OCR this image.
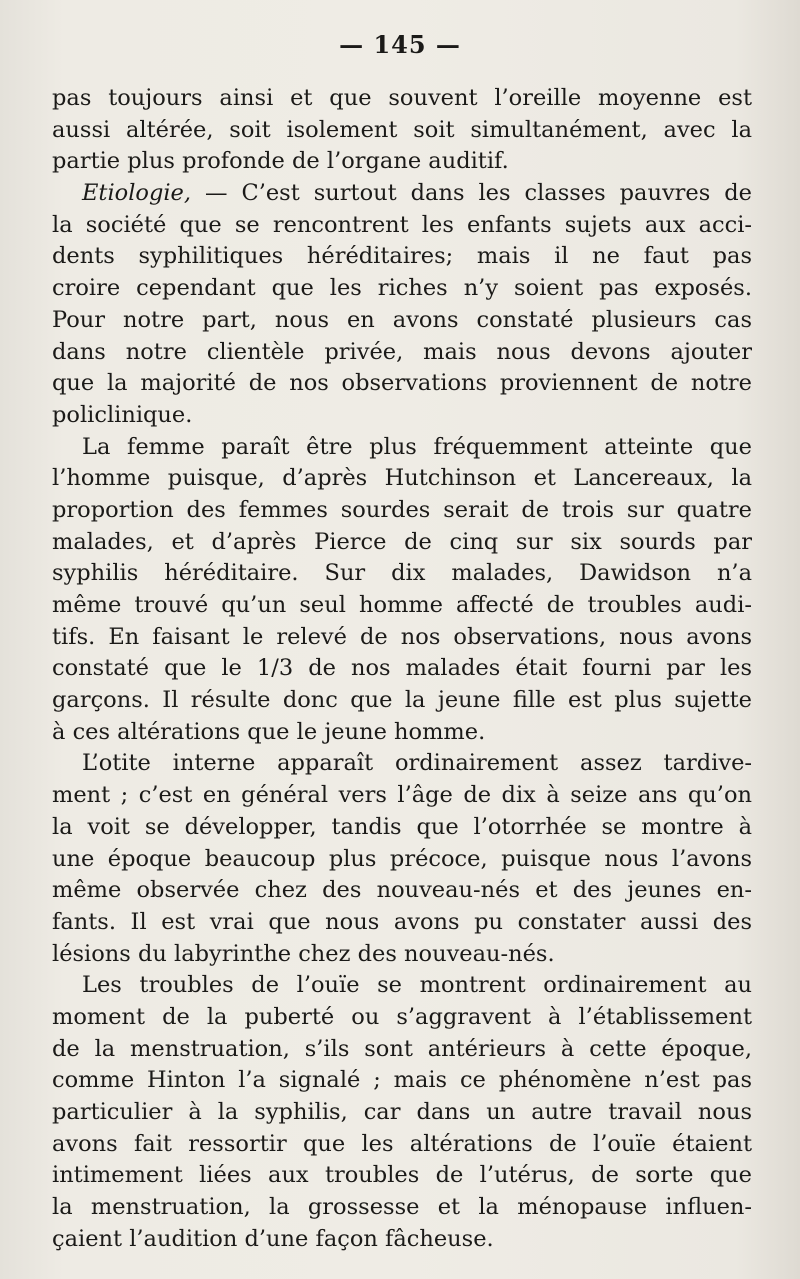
— 145 —
pas toujours ainsi et que souvent l’oreille moyenne est
aussi altérée, soit isolement soit simultanément, avec la
partie plus profonde de l’organe auditif.
Etiologie, — C’est surtout dans les classes pauvres de
la société que se rencontrent les enfants sujets aux acci-
dents syphilitiques héréditaires; mais il ne faut pas
croire cependant que les riches n’y soient pas exposés.
Pour notre part, nous en avons constaté plusieurs cas
dans notre clientèle privée, mais nous devons ajouter
que la majorité de nos observations proviennent de notre
policlinique.
La femme paraît être plus fréquemment atteinte que
l’homme puisque, d’après Hutchinson et Lancereaux, la
proportion des femmes sourdes serait de trois sur quatre
malades, et d’après Pierce de cinq sur six sourds par
syphilis héréditaire. Sur dix malades, Dawidson n’a
même trouvé qu’un seul homme affecté de troubles audi-
tifs. En faisant le relevé de nos observations, nous avons
constaté que le 1/3 de nos malades était fourni par les
garçons. Il résulte donc que la jeune fille est plus sujette
à ces altérations que le jeune homme.
L’otite interne apparaît ordinairement assez tardive-
ment ; c’est en général vers l’âge de dix à seize ans qu’on
la voit se développer, tandis que l’otorrhée se montre à
une époque beaucoup plus précoce, puisque nous l’avons
même observée chez des nouveau-nés et des jeunes en-
fants. Il est vrai que nous avons pu constater aussi des
lésions du labyrinthe chez des nouveau-nés.
Les troubles de l’ouïe se montrent ordinairement au
moment de la puberté ou s’aggravent à l’établissement
de la menstruation, s’ils sont antérieurs à cette époque,
comme Hinton l’a signalé ; mais ce phénomène n’est pas
particulier à la syphilis, car dans un autre travail nous
avons fait ressortir que les altérations de l’ouïe étaient
intimement liées aux troubles de l’utérus, de sorte que
la menstruation, la grossesse et la ménopause influen-
çaient l’audition d’une façon fâcheuse.
